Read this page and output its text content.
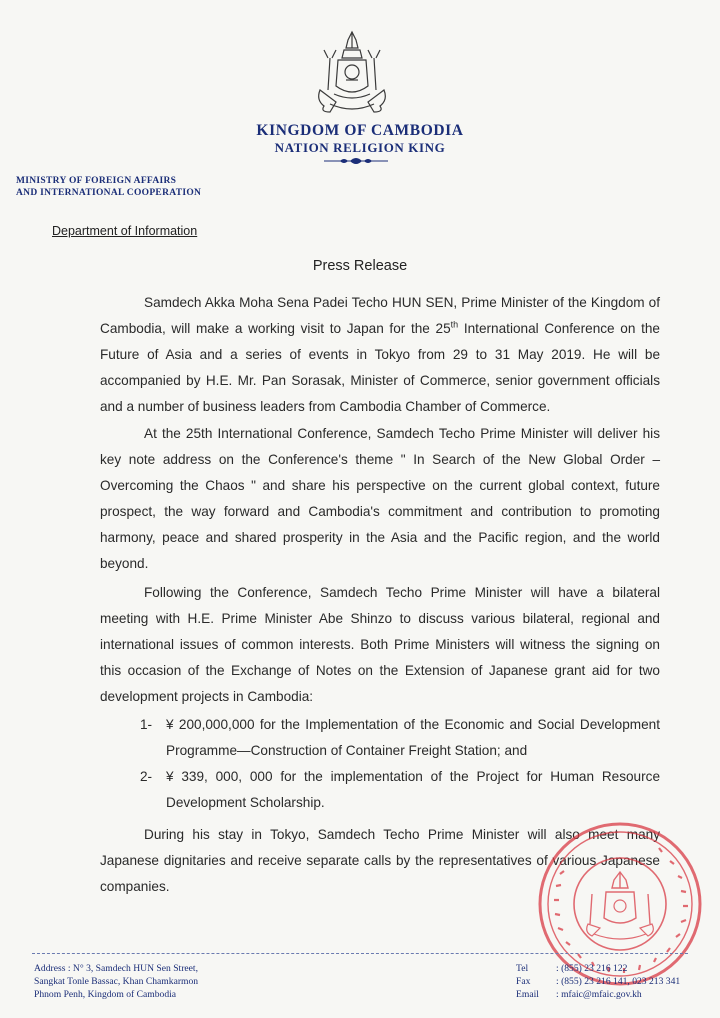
KINGDOM OF CAMBODIA
NATION RELIGION KING
MINISTRY OF FOREIGN AFFAIRS
AND INTERNATIONAL COOPERATION
Department of Information
Press Release

Samdech Akka Moha Sena Padei Techo HUN SEN, Prime Minister of the Kingdom of Cambodia, will make a working visit to Japan for the 25th International Conference on the Future of Asia and a series of events in Tokyo from 29 to 31 May 2019. He will be accompanied by H.E. Mr. Pan Sorasak, Minister of Commerce, senior government officials and a number of business leaders from Cambodia Chamber of Commerce.

At the 25th International Conference, Samdech Techo Prime Minister will deliver his key note address on the Conference's theme " In Search of the New Global Order – Overcoming the Chaos " and share his perspective on the current global context, future prospect, the way forward and Cambodia's commitment and contribution to promoting harmony, peace and shared prosperity in the Asia and the Pacific region, and the world beyond.

Following the Conference, Samdech Techo Prime Minister will have a bilateral meeting with H.E. Prime Minister Abe Shinzo to discuss various bilateral, regional and international issues of common interests. Both Prime Ministers will witness the signing on this occasion of the Exchange of Notes on the Extension of Japanese grant aid for two development projects in Cambodia:

1-	¥ 200,000,000 for the Implementation of the Economic and Social Development Programme—Construction of Container Freight Station; and
2-	¥ 339, 000, 000 for the implementation of the Project for Human Resource Development Scholarship.

During his stay in Tokyo, Samdech Techo Prime Minister will also meet many Japanese dignitaries and receive separate calls by the representatives of various Japanese companies.

Address : N° 3, Samdech HUN Sen Street,
Sangkat Tonle Bassac, Khan Chamkarmon
Phnom Penh, Kingdom of Cambodia
Tel	: (855) 23 216 122
Fax	: (855) 23 216 141, 023 213 341
Email	: mfaic@mfaic.gov.kh
